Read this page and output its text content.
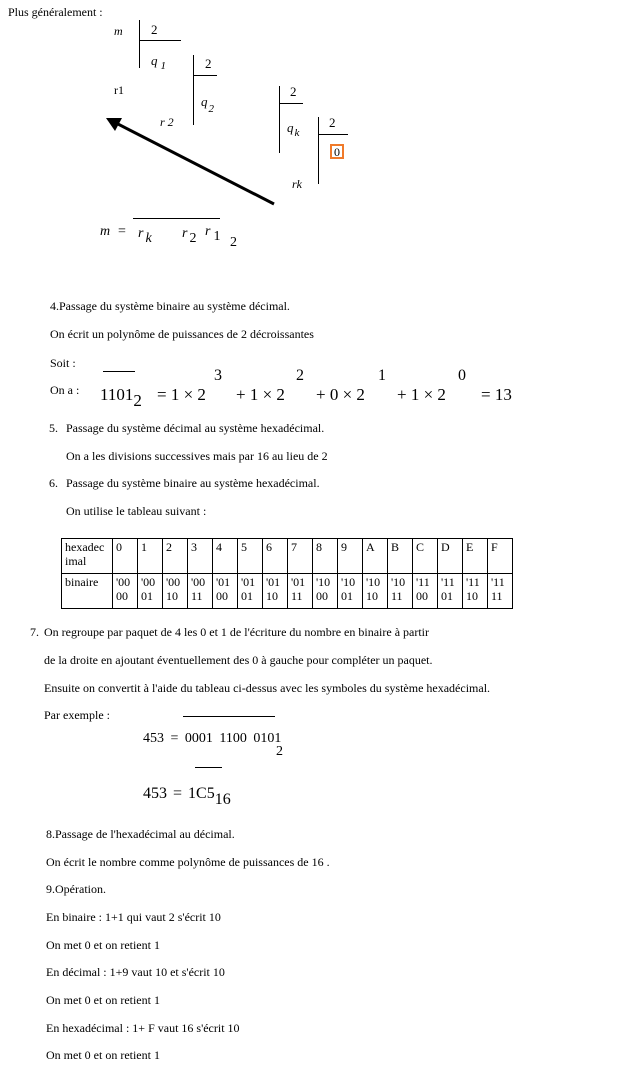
Plus généralement :
m 2
q $_1$
r1
2
$q_2$
r 2
2
$q_k$
2
0
rk
m = r k r 2 r 1 2
4.Passage du système binaire au système décimal.
On écrit un polynôme de puissances de 2 décroissantes
Soit :
On a : 11012 = 1 × 2
3
+ 1 × 2
2
+ 0 × 2
1
+ 1 × 2
0
= 13
5. Passage du système décimal au système hexadécimal.
On a les divisions successives mais par 16 au lieu de 2
6. Passage du système binaire au système hexadécimal.
On utilise le tableau suivant :
hexadec imal	0	1	2	3	4	5	6	7	8	9	A	B	C	D	E	F
binaire	'00 00	'00 01	'00 10	'00 11	'01 00	'01 01	'01 10	'01 11	'10 00	'10 01	'10 10	'10 11	'11 00	'11 01	'11 10	'11 11
7. On regroupe par paquet de 4 les 0 et 1 de l'écriture du nombre en binaire à partir
de la droite en ajoutant éventuellement des 0 à gauche pour compléter un paquet.
Ensuite on convertit à l'aide du tableau ci-dessus avec les symboles du système hexadécimal.
Par exemple :
453 = 0001 1100 0101
2
453 = 1C516
8.Passage de l'hexadécimal au décimal.
On écrit le nombre comme polynôme de puissances de 16 .
9.Opération.
En binaire : 1+1 qui vaut 2 s'écrit 10
On met 0 et on retient 1
En décimal : 1+9 vaut 10 et s'écrit 10
On met 0 et on retient 1
En hexadécimal : 1+ F vaut 16 s'écrit 10
On met 0 et on retient 1
